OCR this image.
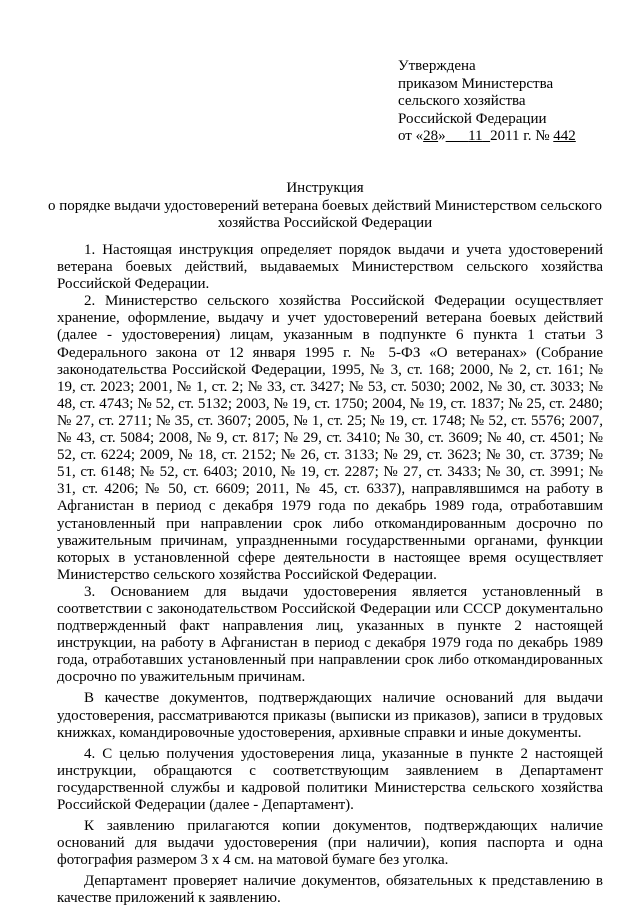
Утверждена
приказом Министерства
сельского хозяйства
Российской Федерации
от «28» 11 2011 г. № 442
Инструкция
о порядке выдачи удостоверений ветерана боевых действий Министерством сельского хозяйства Российской Федерации

1. Настоящая инструкция определяет порядок выдачи и учета удостоверений ветерана боевых действий, выдаваемых Министерством сельского хозяйства Российской Федерации.

2. Министерство сельского хозяйства Российской Федерации осуществляет хранение, оформление, выдачу и учет удостоверений ветерана боевых действий (далее - удостоверения) лицам, указанным в подпункте 6 пункта 1 статьи 3 Федерального закона от 12 января 1995 г. № 5-ФЗ «О ветеранах» (Собрание законодательства Российской Федерации, 1995, № 3, ст. 168; 2000, № 2, ст. 161; № 19, ст. 2023; 2001, № 1, ст. 2; № 33, ст. 3427; № 53, ст. 5030; 2002, № 30, ст. 3033; № 48, ст. 4743; № 52, ст. 5132; 2003, № 19, ст. 1750; 2004, № 19, ст. 1837; № 25, ст. 2480; № 27, ст. 2711; № 35, ст. 3607; 2005, № 1, ст. 25; № 19, ст. 1748; № 52, ст. 5576; 2007, № 43, ст. 5084; 2008, № 9, ст. 817; № 29, ст. 3410; № 30, ст. 3609; № 40, ст. 4501; № 52, ст. 6224; 2009, № 18, ст. 2152; № 26, ст. 3133; № 29, ст. 3623; № 30, ст. 3739; № 51, ст. 6148; № 52, ст. 6403; 2010, № 19, ст. 2287; № 27, ст. 3433; № 30, ст. 3991; № 31, ст. 4206; № 50, ст. 6609; 2011, № 45, ст. 6337), направлявшимся на работу в Афганистан в период с декабря 1979 года по декабрь 1989 года, отработавшим установленный при направлении срок либо откомандированным досрочно по уважительным причинам, упраздненными государственными органами, функции которых в установленной сфере деятельности в настоящее время осуществляет Министерство сельского хозяйства Российской Федерации.

3. Основанием для выдачи удостоверения является установленный в соответствии с законодательством Российской Федерации или СССР документально подтвержденный факт направления лиц, указанных в пункте 2 настоящей инструкции, на работу в Афганистан в период с декабря 1979 года по декабрь 1989 года, отработавших установленный при направлении срок либо откомандированных досрочно по уважительным причинам.

В качестве документов, подтверждающих наличие оснований для выдачи удостоверения, рассматриваются приказы (выписки из приказов), записи в трудовых книжках, командировочные удостоверения, архивные справки и иные документы.

4. С целью получения удостоверения лица, указанные в пункте 2 настоящей инструкции, обращаются с соответствующим заявлением в Департамент государственной службы и кадровой политики Министерства сельского хозяйства Российской Федерации (далее - Департамент).

К заявлению прилагаются копии документов, подтверждающих наличие оснований для выдачи удостоверения (при наличии), копия паспорта и одна фотография размером 3 x 4 см. на матовой бумаге без уголка.

Департамент проверяет наличие документов, обязательных к представлению в качестве приложений к заявлению.
